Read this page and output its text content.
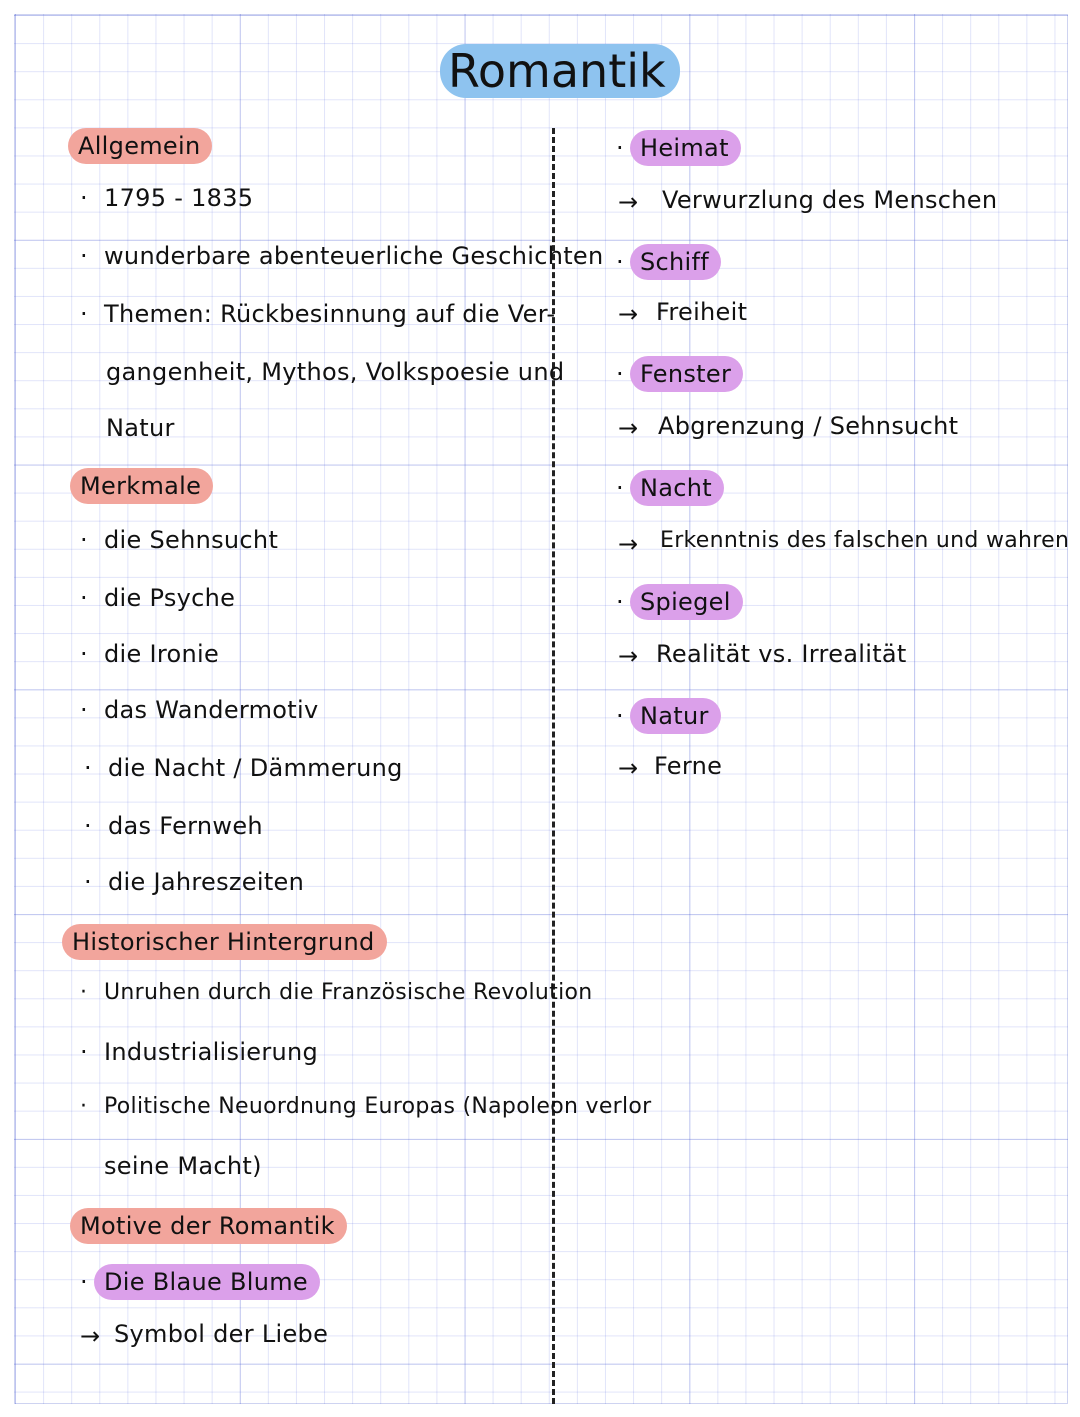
Romantik
Allgemein
· 1795 - 1835
· wunderbare abenteuerliche Geschichten
· Themen: Rückbesinnung auf die Ver-
gangenheit, Mythos, Volkspoesie und
Natur
Merkmale
· die Sehnsucht
· die Psyche
· die Ironie
· das Wandermotiv
· die Nacht / Dämmerung
· das Fernweh
· die Jahreszeiten
Historischer Hintergrund
· Unruhen durch die Französische Revolution
· Industrialisierung
· Politische Neuordnung Europas (Napoleon verlor
seine Macht)
Motive der Romantik
· Die Blaue Blume
→ Symbol der Liebe
· Heimat
→ Verwurzlung des Menschen
· Schiff
→ Freiheit
· Fenster
→ Abgrenzung / Sehnsucht
· Nacht
→ Erkenntnis des falschen und wahren
· Spiegel
→ Realität vs. Irrealität
· Natur
→ Ferne
